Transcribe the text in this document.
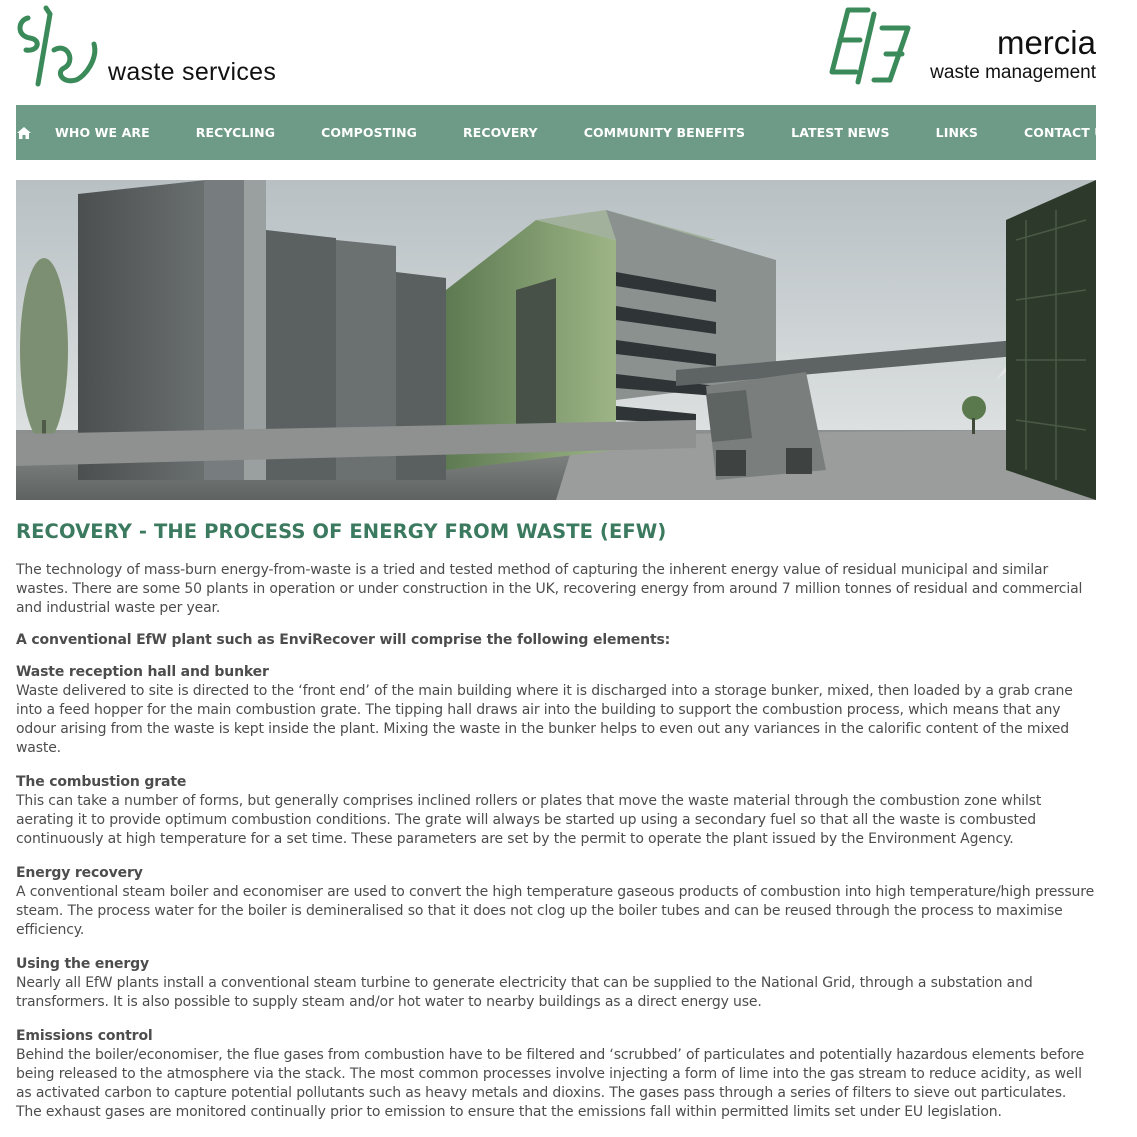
waste services
mercia
waste management
WHO WE ARE	RECYCLING	COMPOSTING	RECOVERY	COMMUNITY BENEFITS	LATEST NEWS	LINKS	CONTACT US
RECOVERY - THE PROCESS OF ENERGY FROM WASTE (EFW)

The technology of mass-burn energy-from-waste is a tried and tested method of capturing the inherent energy value of residual municipal and similar wastes. There are some 50 plants in operation or under construction in the UK, recovering energy from around 7 million tonnes of residual and commercial and industrial waste per year.

A conventional EfW plant such as EnviRecover will comprise the following elements:

Waste reception hall and bunker

Waste delivered to site is directed to the ‘front end’ of the main building where it is discharged into a storage bunker, mixed, then loaded by a grab crane into a feed hopper for the main combustion grate. The tipping hall draws air into the building to support the combustion process, which means that any odour arising from the waste is kept inside the plant. Mixing the waste in the bunker helps to even out any variances in the calorific content of the mixed waste.

The combustion grate

This can take a number of forms, but generally comprises inclined rollers or plates that move the waste material through the combustion zone whilst aerating it to provide optimum combustion conditions. The grate will always be started up using a secondary fuel so that all the waste is combusted continuously at high temperature for a set time. These parameters are set by the permit to operate the plant issued by the Environment Agency.

Energy recovery

A conventional steam boiler and economiser are used to convert the high temperature gaseous products of combustion into high temperature/high pressure steam. The process water for the boiler is demineralised so that it does not clog up the boiler tubes and can be reused through the process to maximise efficiency.

Using the energy

Nearly all EfW plants install a conventional steam turbine to generate electricity that can be supplied to the National Grid, through a substation and transformers. It is also possible to supply steam and/or hot water to nearby buildings as a direct energy use.

Emissions control

Behind the boiler/economiser, the flue gases from combustion have to be filtered and ‘scrubbed’ of particulates and potentially hazardous elements before being released to the atmosphere via the stack. The most common processes involve injecting a form of lime into the gas stream to reduce acidity, as well as activated carbon to capture potential pollutants such as heavy metals and dioxins. The gases pass through a series of filters to sieve out particulates. The exhaust gases are monitored continually prior to emission to ensure that the emissions fall within permitted limits set under EU legislation.
